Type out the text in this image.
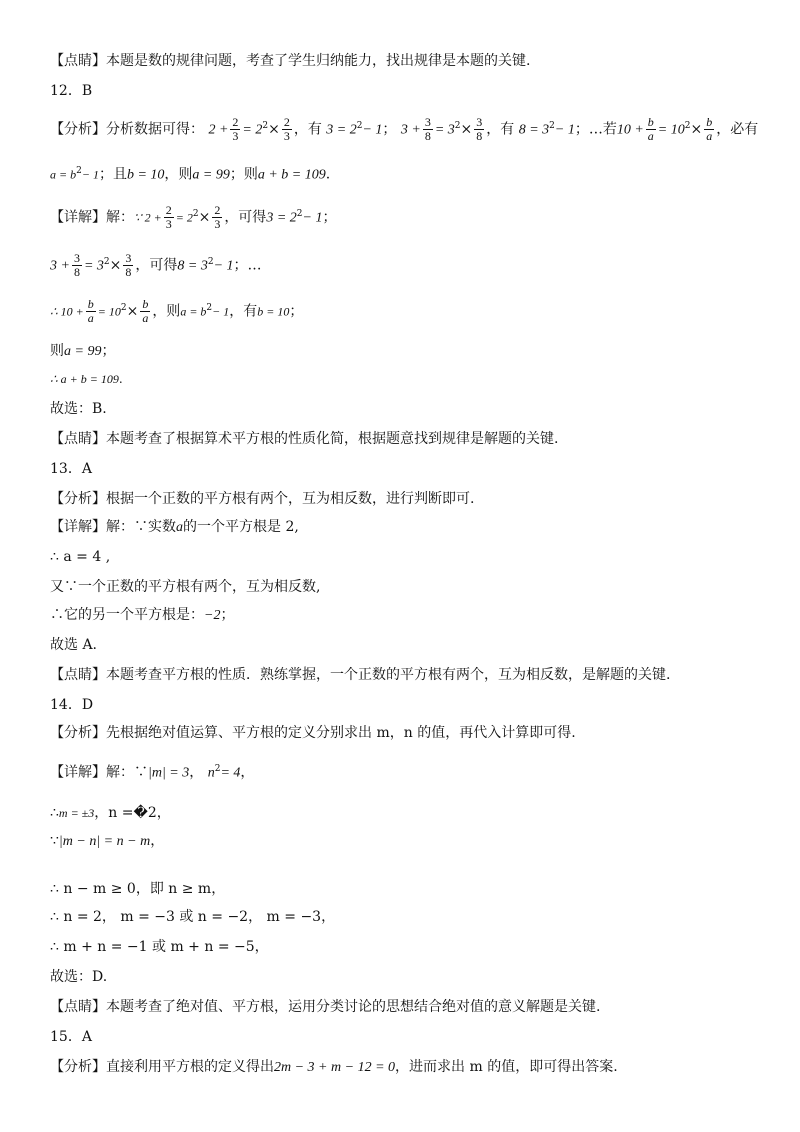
【点睛】本题是数的规律问题，考查了学生归纳能力，找出规律是本题的关键.
12．B
【分析】分析数据可得： $2 + \frac{2}{3} = 2^2\times \frac{2}{3}$ ，有 $3 = 2^2- 1$； $3 + \frac{3}{8} = 3^2\times \frac{3}{8}$ ，有 $8 = 3^2- 1$；…若$10 + \frac{b}{a} = 10^2\times \frac{b}{a}$ ，必有
$a = b^2- 1$；且b = 10，则a = 99；则a + b = 109.
【详解】解：∵ $2 + \frac{2}{3} = 2^2\times \frac{2}{3}$ ，可得$3 = 2^2- 1$；
$3 + \frac{3}{8} = 3^2\times \frac{3}{8}$ ，可得$8 = 3^2- 1$；…
∴ $10 + \frac{b}{a} = 10^2\times \frac{b}{a}$ ，则$a = b^2- 1$，有b = 10；
则a = 99；
∴ a + b = 109.
故选：B.
【点睛】本题考查了根据算术平方根的性质化简，根据题意找到规律是解题的关键.
13．A
【分析】根据一个正数的平方根有两个，互为相反数，进行判断即可.
【详解】解：∵实数a的一个平方根是 2,
∴ a = 4 ,
又∵一个正数的平方根有两个，互为相反数,
∴它的另一个平方根是：−2；
故选 A.
【点睛】本题考查平方根的性质．熟练掌握，一个正数的平方根有两个，互为相反数，是解题的关键.
14．D
【分析】先根据绝对值运算、平方根的定义分别求出 m，n 的值，再代入计算即可得.
【详解】解：∵|m| = 3， $n^2= 4$，
∴m = ±3，n =�2，
∵|m − n| = n − m，
∴ n − m ≥ 0，即 n ≥ m，
∴ n = 2， m = −3 或 n = −2， m = −3，
∴ m + n = −1 或 m + n = −5，
故选：D.
【点睛】本题考查了绝对值、平方根，运用分类讨论的思想结合绝对值的意义解题是关键.
15．A
【分析】直接利用平方根的定义得出2m − 3 + m − 12 = 0，进而求出 m 的值，即可得出答案.
